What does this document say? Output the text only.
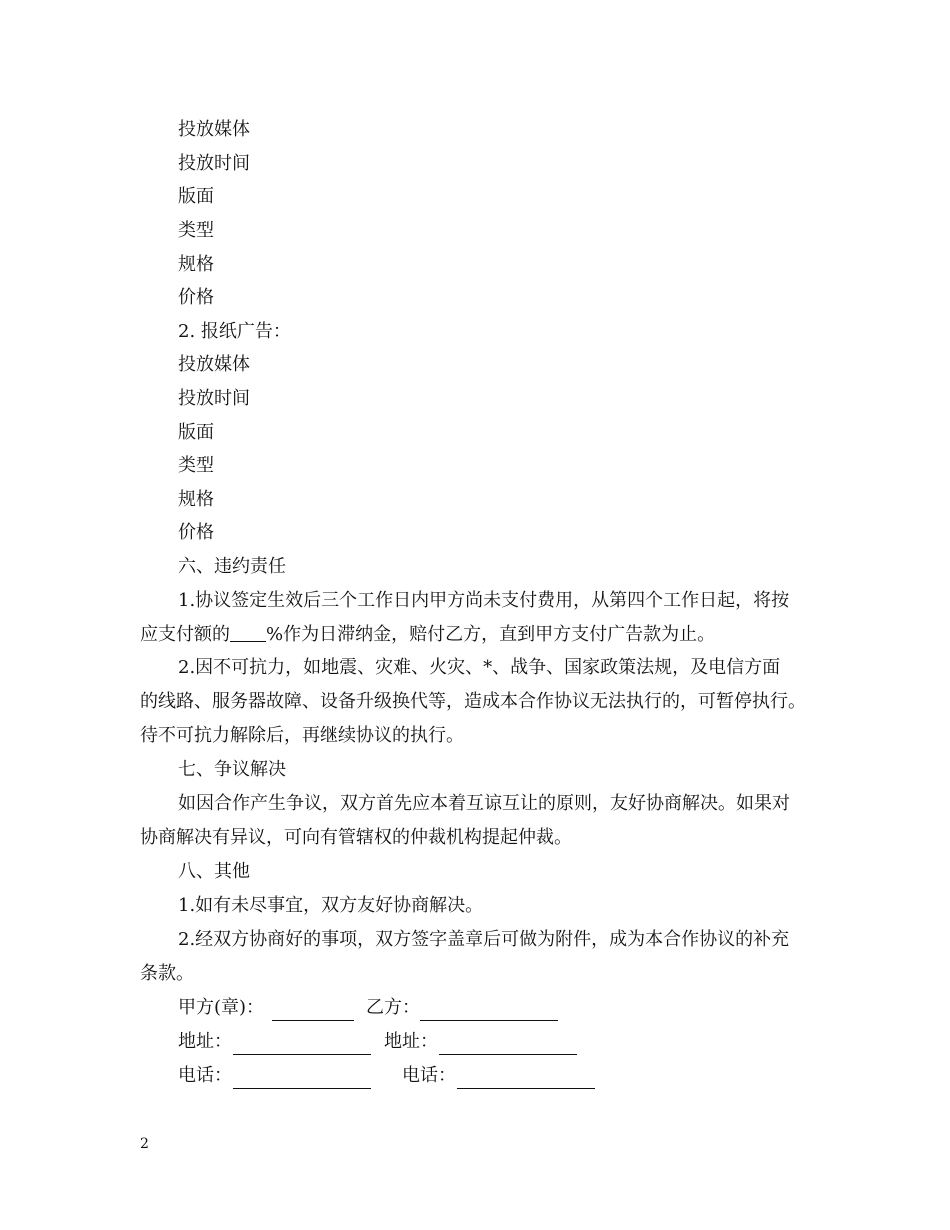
投放媒体
投放时间
版面
类型
规格
价格
2. 报纸广告：
投放媒体
投放时间
版面
类型
规格
价格
六、违约责任
1.协议签定生效后三个工作日内甲方尚未支付费用，从第四个工作日起，将按
应支付额的 %作为日滞纳金，赔付乙方，直到甲方支付广告款为止。
2.因不可抗力，如地震、灾难、火灾、*、战争、国家政策法规，及电信方面
的线路、服务器故障、设备升级换代等，造成本合作协议无法执行的，可暂停执行。
待不可抗力解除后，再继续协议的执行。
七、争议解决
如因合作产生争议，双方首先应本着互谅互让的原则，友好协商解决。如果对
协商解决有异议，可向有管辖权的仲裁机构提起仲裁。
八、其他
1.如有未尽事宜，双方友好协商解决。
2.经双方协商好的事项，双方签字盖章后可做为附件，成为本合作协议的补充
条款。
甲方(章)：	乙方：
地址：	地址：
电话：	电话：
2
